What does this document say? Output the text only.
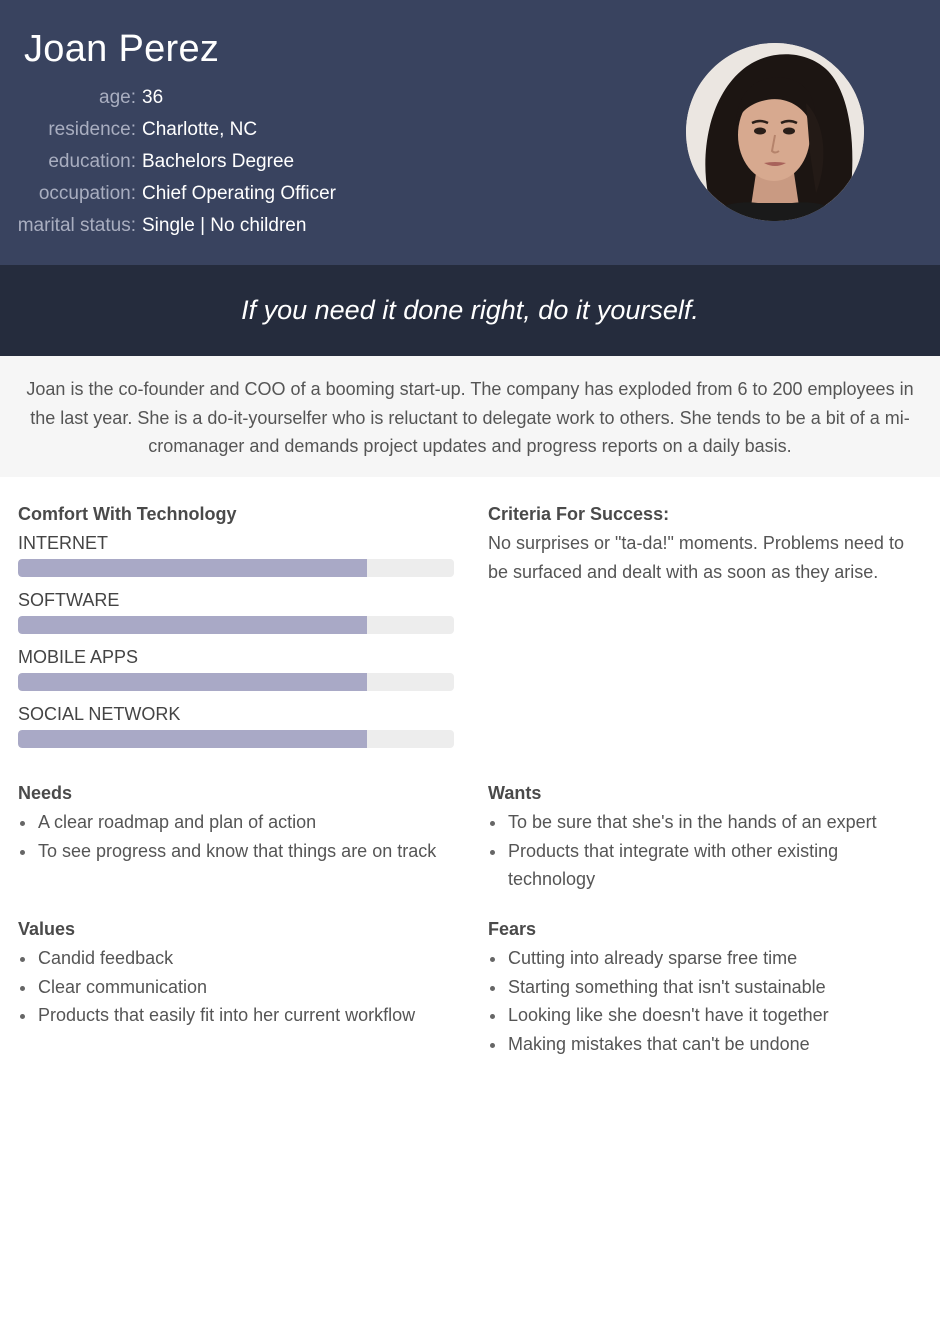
Joan Perez
age: 36
residence: Charlotte, NC
education: Bachelors Degree
occupation: Chief Operating Officer
marital status: Single | No children
If you need it done right, do it yourself.

Joan is the co-founder and COO of a booming start-up. The company has exploded from 6 to 200 employees in the last year. She is a do-it-yourselfer who is reluctant to delegate work to others. She tends to be a bit of a mi-cromanager and demands project updates and progress reports on a daily basis.

Comfort With Technology
INTERNET
SOFTWARE
MOBILE APPS
SOCIAL NETWORK
Criteria For Success:

No surprises or "ta-da!" moments. Problems need to be surfaced and dealt with as soon as they arise.

Needs
A clear roadmap and plan of action
To see progress and know that things are on track
Wants
To be sure that she's in the hands of an expert
Products that integrate with other existing technology
Values
Candid feedback
Clear communication
Products that easily fit into her current workflow
Fears
Cutting into already sparse free time
Starting something that isn't sustainable
Looking like she doesn't have it together
Making mistakes that can't be undone
